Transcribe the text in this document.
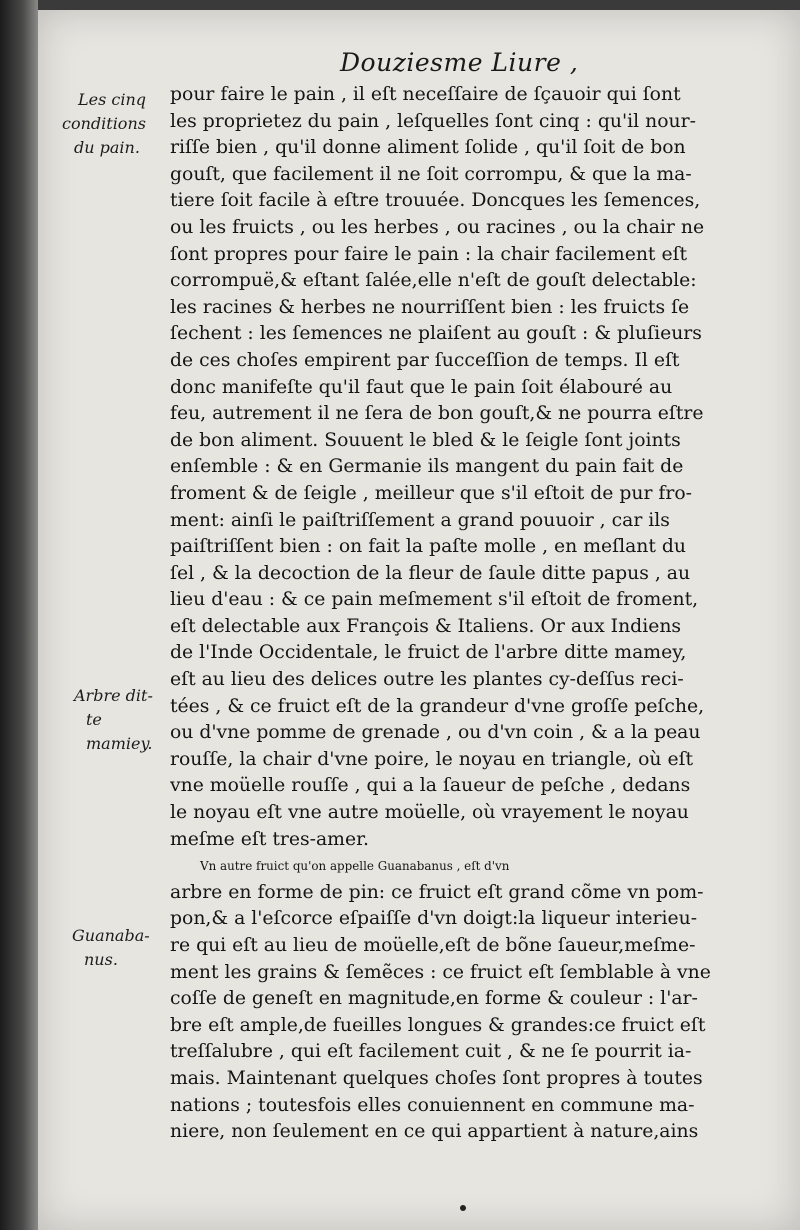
Douziesme Liure ,
Les cinq
conditions
du pain.
Arbre dit-
te mamiey.
Guanaba-
nus.
pour faire le pain , il eſt neceſſaire de ſçauoir qui ſont
les proprietez du pain , leſquelles ſont cinq : qu'il nour-
riſſe bien , qu'il donne aliment ſolide , qu'il ſoit de bon
gouſt, que facilement il ne ſoit corrompu, & que la ma-
tiere ſoit facile à eſtre trouuée. Doncques les ſemences,
ou les fruicts , ou les herbes , ou racines , ou la chair ne
ſont propres pour faire le pain : la chair facilement eſt
corrompuë,& eſtant ſalée,elle n'eſt de gouſt delectable:
les racines & herbes ne nourriſſent bien : les fruicts ſe
ſechent : les ſemences ne plaiſent au gouſt : & pluſieurs
de ces choſes empirent par ſucceſſion de temps. Il eſt
donc manifeſte qu'il faut que le pain ſoit élabouré au
feu, autrement il ne ſera de bon gouſt,& ne pourra eſtre
de bon aliment. Souuent le bled & le ſeigle ſont joints
enſemble : & en Germanie ils mangent du pain fait de
froment & de ſeigle , meilleur que s'il eſtoit de pur fro-
ment: ainſi le paiſtriſſement a grand pouuoir , car ils
paiſtriſſent bien : on fait la paſte molle , en meſlant du
ſel , & la decoction de la fleur de ſaule ditte papus , au
lieu d'eau : & ce pain meſmement s'il eſtoit de froment,
eſt delectable aux François & Italiens. Or aux Indiens
de l'Inde Occidentale, le fruict de l'arbre ditte mamey,
eſt au lieu des delices outre les plantes cy-deſſus reci-
tées , & ce fruict eſt de la grandeur d'vne groſſe peſche,
ou d'vne pomme de grenade , ou d'vn coin , & a la peau
rouſſe, la chair d'vne poire, le noyau en triangle, où eſt
vne moüelle rouſſe , qui a la ſaueur de peſche , dedans
le noyau eſt vne autre moüelle, où vrayement le noyau
meſme eſt tres-amer.
Vn autre fruict qu'on appelle Guanabanus , eſt d'vn
arbre en forme de pin: ce fruict eſt grand cõme vn pom-
pon,& a l'eſcorce eſpaiſſe d'vn doigt:la liqueur interieu-
re qui eſt au lieu de moüelle,eſt de bõne ſaueur,meſme-
ment les grains & ſemẽces : ce fruict eſt ſemblable à vne
coſſe de geneſt en magnitude,en forme & couleur : l'ar-
bre eſt ample,de fueilles longues & grandes:ce fruict eſt
treſſalubre , qui eſt facilement cuit , & ne ſe pourrit ia-
mais. Maintenant quelques choſes ſont propres à toutes
nations ; toutesfois elles conuiennent en commune ma-
niere, non ſeulement en ce qui appartient à nature,ains
